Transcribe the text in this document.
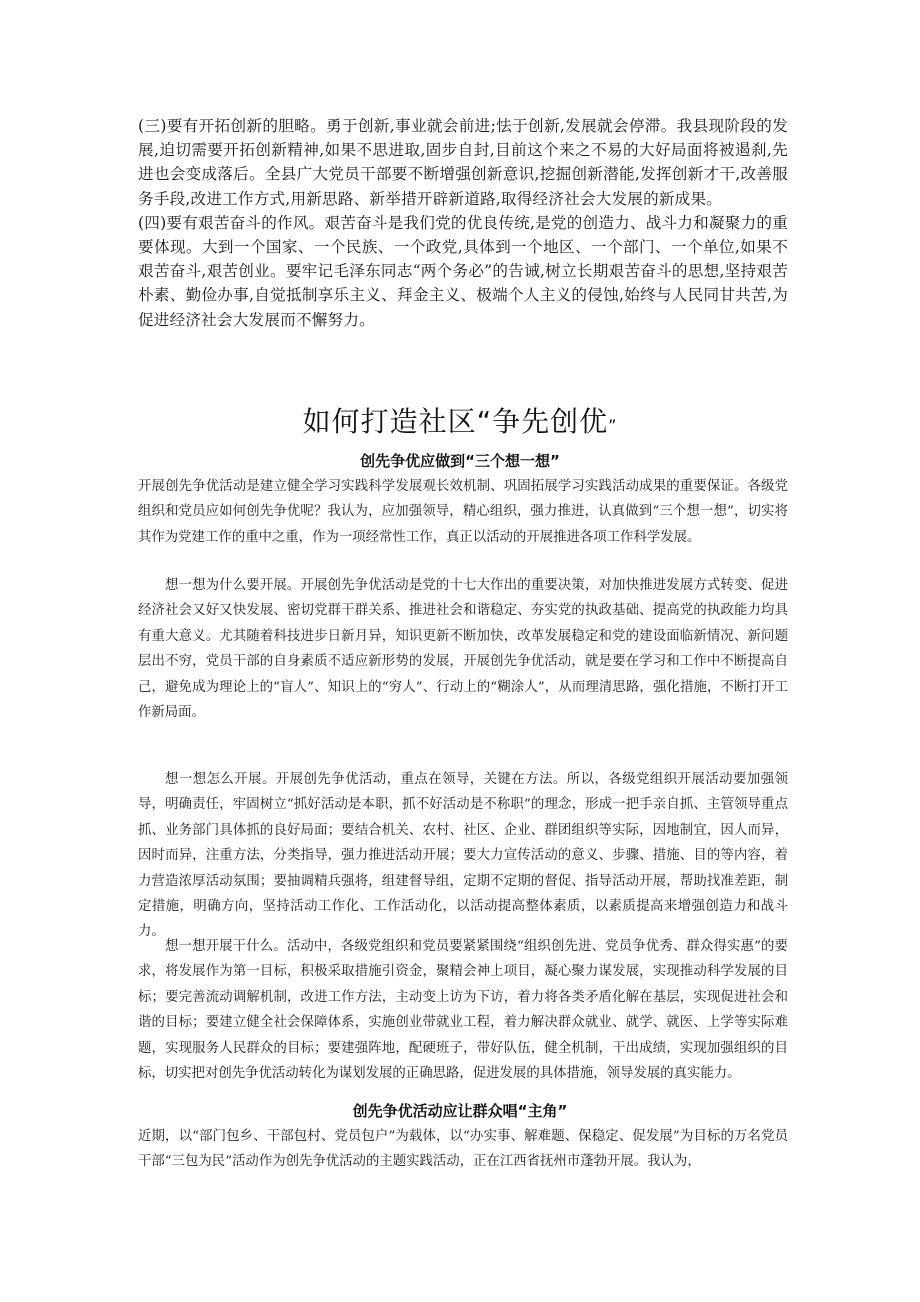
(三)要有开拓创新的胆略。勇于创新,事业就会前进;怯于创新,发展就会停滞。我县现阶段的发展,迫切需要开拓创新精神,如果不思进取,固步自封,目前这个来之不易的大好局面将被遏刹,先进也会变成落后。全县广大党员干部要不断增强创新意识,挖掘创新潜能,发挥创新才干,改善服务手段,改进工作方式,用新思路、新举措开辟新道路,取得经济社会大发展的新成果。

(四)要有艰苦奋斗的作风。艰苦奋斗是我们党的优良传统,是党的创造力、战斗力和凝聚力的重要体现。大到一个国家、一个民族、一个政党,具体到一个地区、一个部门、一个单位,如果不艰苦奋斗,艰苦创业。要牢记毛泽东同志“两个务必”的告诫,树立长期艰苦奋斗的思想,坚持艰苦朴素、勤俭办事,自觉抵制享乐主义、拜金主义、极端个人主义的侵蚀,始终与人民同甘共苦,为促进经济社会大发展而不懈努力。

如何打造社区“争先创优”
创先争优应做到“三个想一想”

开展创先争优活动是建立健全学习实践科学发展观长效机制、巩固拓展学习实践活动成果的重要保证。各级党组织和党员应如何创先争优呢？我认为，应加强领导，精心组织，强力推进，认真做到“三个想一想”，切实将其作为党建工作的重中之重，作为一项经常性工作，真正以活动的开展推进各项工作科学发展。

想一想为什么要开展。开展创先争优活动是党的十七大作出的重要决策，对加快推进发展方式转变、促进经济社会又好又快发展、密切党群干群关系、推进社会和谐稳定、夯实党的执政基础、提高党的执政能力均具有重大意义。尤其随着科技进步日新月异，知识更新不断加快，改革发展稳定和党的建设面临新情况、新问题层出不穷，党员干部的自身素质不适应新形势的发展，开展创先争优活动，就是要在学习和工作中不断提高自己，避免成为理论上的“盲人”、知识上的“穷人”、行动上的“糊涂人”，从而理清思路，强化措施，不断打开工作新局面。

想一想怎么开展。开展创先争优活动，重点在领导，关键在方法。所以，各级党组织开展活动要加强领导，明确责任，牢固树立“抓好活动是本职，抓不好活动是不称职”的理念，形成一把手亲自抓、主管领导重点抓、业务部门具体抓的良好局面；要结合机关、农村、社区、企业、群团组织等实际，因地制宜，因人而异，因时而异，注重方法，分类指导，强力推进活动开展；要大力宣传活动的意义、步骤、措施、目的等内容，着力营造浓厚活动氛围；要抽调精兵强将，组建督导组，定期不定期的督促、指导活动开展，帮助找准差距，制定措施，明确方向，坚持活动工作化、工作活动化，以活动提高整体素质，以素质提高来增强创造力和战斗力。

想一想开展干什么。活动中，各级党组织和党员要紧紧围绕“组织创先进、党员争优秀、群众得实惠”的要求，将发展作为第一目标，积极采取措施引资金，聚精会神上项目，凝心聚力谋发展，实现推动科学发展的目标；要完善流动调解机制，改进工作方法，主动变上访为下访，着力将各类矛盾化解在基层，实现促进社会和谐的目标；要建立健全社会保障体系，实施创业带就业工程，着力解决群众就业、就学、就医、上学等实际难题，实现服务人民群众的目标；要建强阵地，配硬班子，带好队伍，健全机制，干出成绩，实现加强组织的目标，切实把对创先争优活动转化为谋划发展的正确思路，促进发展的具体措施，领导发展的真实能力。

创先争优活动应让群众唱“主角”

近期，以“部门包乡、干部包村、党员包户”为载体，以“办实事、解难题、保稳定、促发展”为目标的万名党员干部“三包为民”活动作为创先争优活动的主题实践活动，正在江西省抚州市蓬勃开展。我认为，
